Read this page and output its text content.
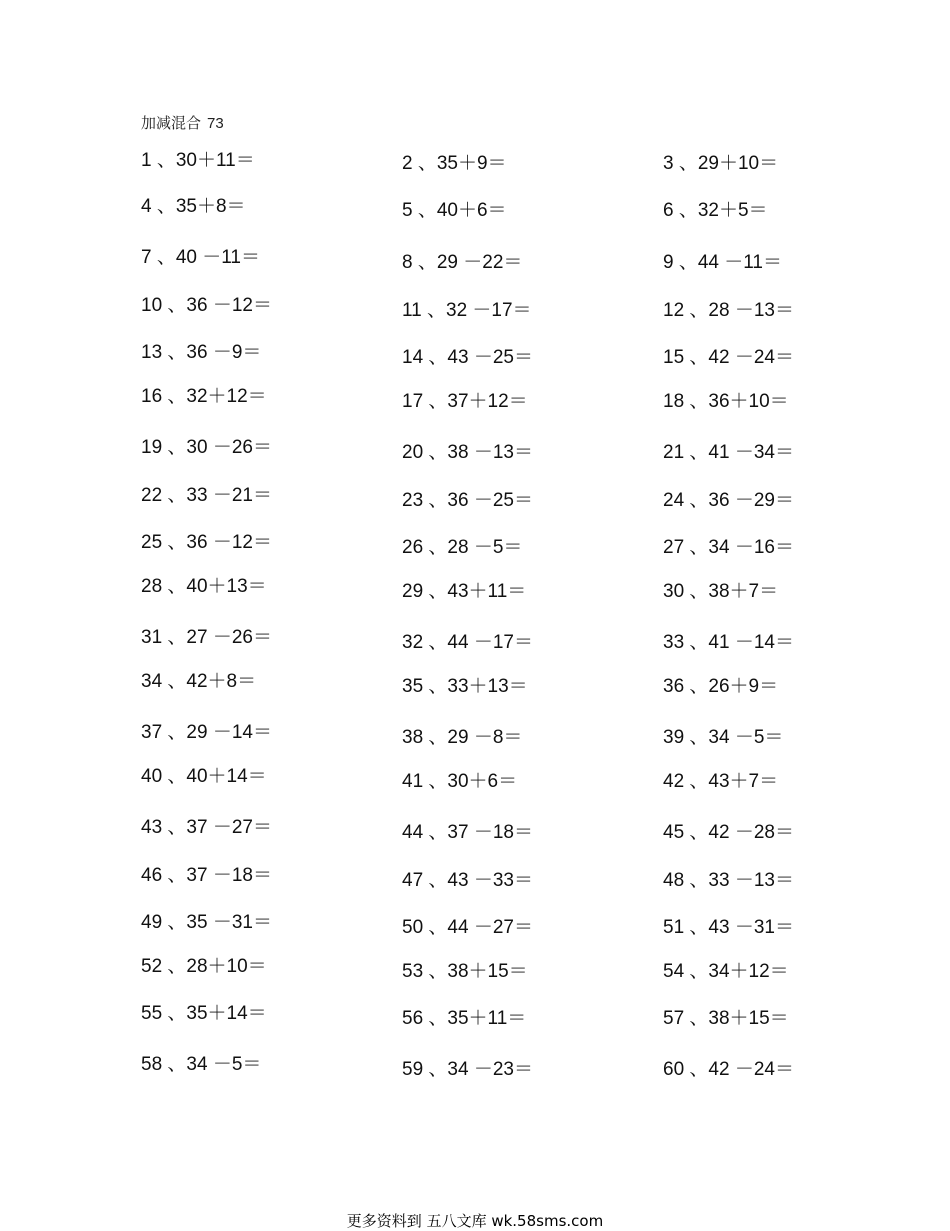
加减混合 73
1 、30＋11＝	2 、35＋9＝	3 、29＋10＝
4 、35＋8＝	5 、40＋6＝	6 、32＋5＝
7 、40 －11＝	8 、29 －22＝	9 、44 －11＝
10 、36 －12＝	11 、32 －17＝	12 、28 －13＝
13 、36 －9＝	14 、43 －25＝	15 、42 －24＝
16 、32＋12＝	17 、37＋12＝	18 、36＋10＝
19 、30 －26＝	20 、38 －13＝	21 、41 －34＝
22 、33 －21＝	23 、36 －25＝	24 、36 －29＝
25 、36 －12＝	26 、28 －5＝	27 、34 －16＝
28 、40＋13＝	29 、43＋11＝	30 、38＋7＝
31 、27 －26＝	32 、44 －17＝	33 、41 －14＝
34 、42＋8＝	35 、33＋13＝	36 、26＋9＝
37 、29 －14＝	38 、29 －8＝	39 、34 －5＝
40 、40＋14＝	41 、30＋6＝	42 、43＋7＝
43 、37 －27＝	44 、37 －18＝	45 、42 －28＝
46 、37 －18＝	47 、43 －33＝	48 、33 －13＝
49 、35 －31＝	50 、44 －27＝	51 、43 －31＝
52 、28＋10＝	53 、38＋15＝	54 、34＋12＝
55 、35＋14＝	56 、35＋11＝	57 、38＋15＝
58 、34 －5＝	59 、34 －23＝	60 、42 －24＝
更多资料到 五八文库 wk.58sms.com
